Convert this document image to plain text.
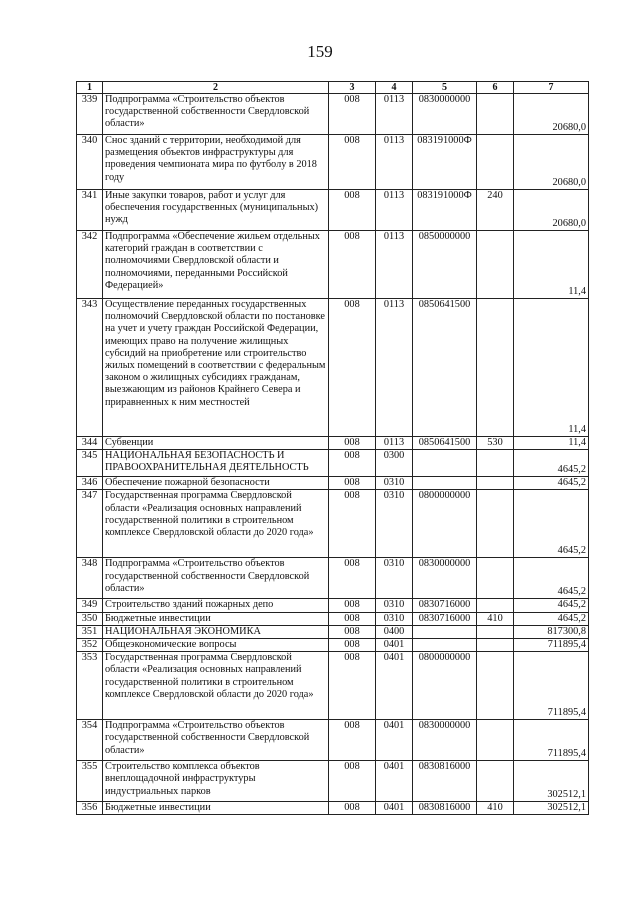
159
1	2	3	4	5	6	7
339	Подпрограмма «Строительство объектов государственной собственности Свердловской области»	008	0113	0830000000		20680,0
340	Снос зданий с территории, необходимой для размещения объектов инфраструктуры для проведения чемпионата мира по футболу в 2018 году	008	0113	083191000Ф		20680,0
341	Иные закупки товаров, работ и услуг для обеспечения государственных (муниципальных) нужд	008	0113	083191000Ф	240	20680,0
342	Подпрограмма «Обеспечение жильем отдельных категорий граждан в соответствии с полномочиями Свердловской области и полномочиями, переданными Российской Федерацией»	008	0113	0850000000		11,4
343	Осуществление переданных государственных полномочий Свердловской области по постановке на учет и учету граждан Российской Федерации, имеющих право на получение жилищных субсидий на приобретение или строительство жилых помещений в соответствии с федеральным законом о жилищных субсидиях гражданам, выезжающим из районов Крайнего Севера и приравненных к ним местностей	008	0113	0850641500		11,4
344	Субвенции	008	0113	0850641500	530	11,4
345	НАЦИОНАЛЬНАЯ БЕЗОПАСНОСТЬ И ПРАВООХРАНИТЕЛЬНАЯ ДЕЯТЕЛЬНОСТЬ	008	0300			4645,2
346	Обеспечение пожарной безопасности	008	0310			4645,2
347	Государственная программа Свердловской области «Реализация основных направлений государственной политики в строительном комплексе Свердловской области до 2020 года»	008	0310	0800000000		4645,2
348	Подпрограмма «Строительство объектов государственной собственности Свердловской области»	008	0310	0830000000		4645,2
349	Строительство зданий пожарных депо	008	0310	0830716000		4645,2
350	Бюджетные инвестиции	008	0310	0830716000	410	4645,2
351	НАЦИОНАЛЬНАЯ ЭКОНОМИКА	008	0400			817300,8
352	Общеэкономические вопросы	008	0401			711895,4
353	Государственная программа Свердловской области «Реализация основных направлений государственной политики в строительном комплексе Свердловской области до 2020 года»	008	0401	0800000000		711895,4
354	Подпрограмма «Строительство объектов государственной собственности Свердловской области»	008	0401	0830000000		711895,4
355	Строительство комплекса объектов внеплощадочной инфраструктуры индустриальных парков	008	0401	0830816000		302512,1
356	Бюджетные инвестиции	008	0401	0830816000	410	302512,1
